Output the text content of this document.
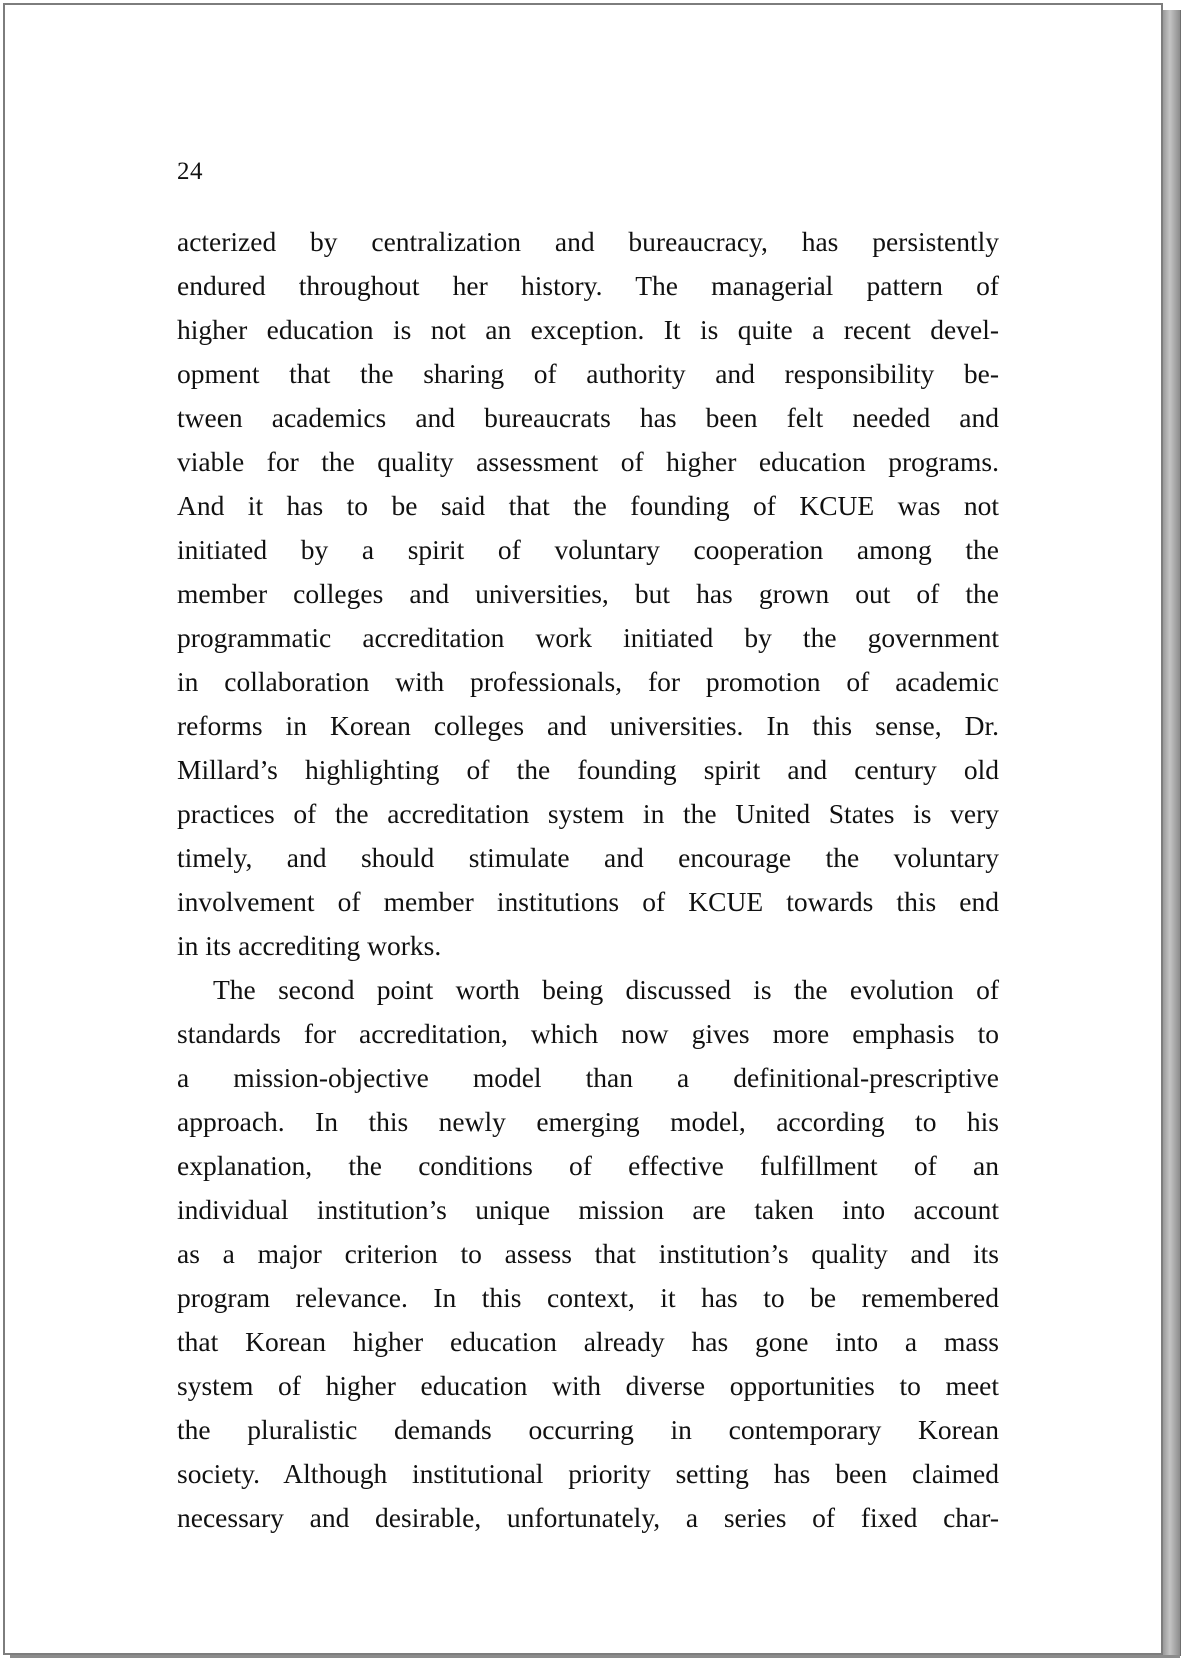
24
acterized by centralization and bureaucracy, has persistently
endured throughout her history. The managerial pattern of
higher education is not an exception. It is quite a recent devel-
opment that the sharing of authority and responsibility be-
tween academics and bureaucrats has been felt needed and
viable for the quality assessment of higher education programs.
And it has to be said that the founding of KCUE was not
initiated by a spirit of voluntary cooperation among the
member colleges and universities, but has grown out of the
programmatic accreditation work initiated by the government
in collaboration with professionals, for promotion of academic
reforms in Korean colleges and universities. In this sense, Dr.
Millard’s highlighting of the founding spirit and century old
practices of the accreditation system in the United States is very
timely, and should stimulate and encourage the voluntary
involvement of member institutions of KCUE towards this end
in its accrediting works.
The second point worth being discussed is the evolution of
standards for accreditation, which now gives more emphasis to
a mission-objective model than a definitional-prescriptive
approach. In this newly emerging model, according to his
explanation, the conditions of effective fulfillment of an
individual institution’s unique mission are taken into account
as a major criterion to assess that institution’s quality and its
program relevance. In this context, it has to be remembered
that Korean higher education already has gone into a mass
system of higher education with diverse opportunities to meet
the pluralistic demands occurring in contemporary Korean
society. Although institutional priority setting has been claimed
necessary and desirable, unfortunately, a series of fixed char-
